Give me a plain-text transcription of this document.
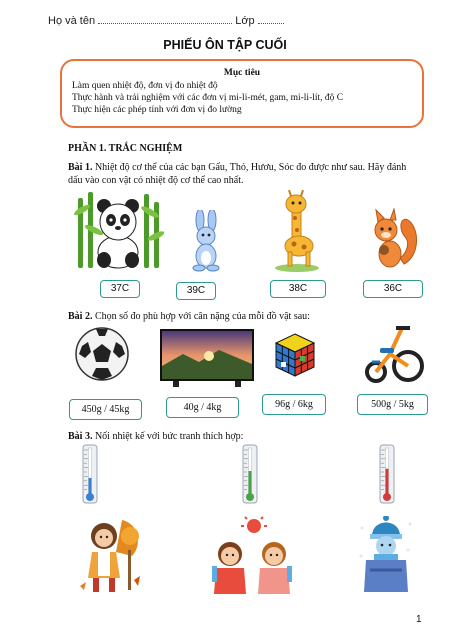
Họ và tên	Lớp
PHIẾU ÔN TẬP CUỐI
Mục tiêu
Làm quen nhiệt độ, đơn vị đo nhiệt độ
Thực hành và trải nghiệm với các đơn vị mi-li-mét, gam, mi-li-lít, độ C
Thực hiện các phép tính với đơn vị đo lường
PHẦN 1. TRẮC NGHIỆM
Bài 1. Nhiệt độ cơ thể của các bạn Gấu, Thỏ, Hươu, Sóc đo được như sau. Hãy đánh dấu vào con vật có nhiệt độ cơ thể cao nhất.
37C	39C	38C	36C
Bài 2. Chọn số đo phù hợp với cân nặng của mỗi đồ vật sau:
450g / 45kg	40g / 4kg	96g / 6kg	500g / 5kg
Bài 3. Nối nhiệt kế với bức tranh thích hợp:
1
